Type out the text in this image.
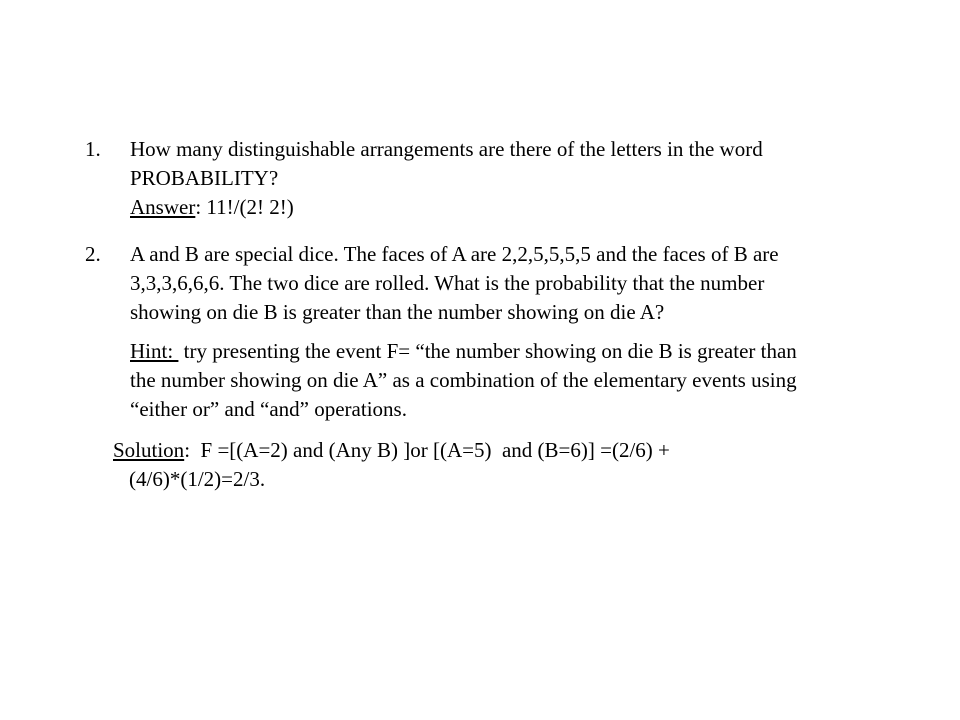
1. How many distinguishable arrangements are there of the letters in the word
PROBABILITY?
Answer: 11!/(2! 2!)
2. A and B are special dice. The faces of A are 2,2,5,5,5,5 and the faces of B are
3,3,3,6,6,6. The two dice are rolled. What is the probability that the number
showing on die B is greater than the number showing on die A?
Hint:  try presenting the event F= “the number showing on die B is greater than
the number showing on die A” as a combination of the elementary events using
“either or” and “and” operations.
Solution:  F =[(A=2) and (Any B) ]or [(A=5)  and (B=6)] =(2/6) +
(4/6)*(1/2)=2/3.
